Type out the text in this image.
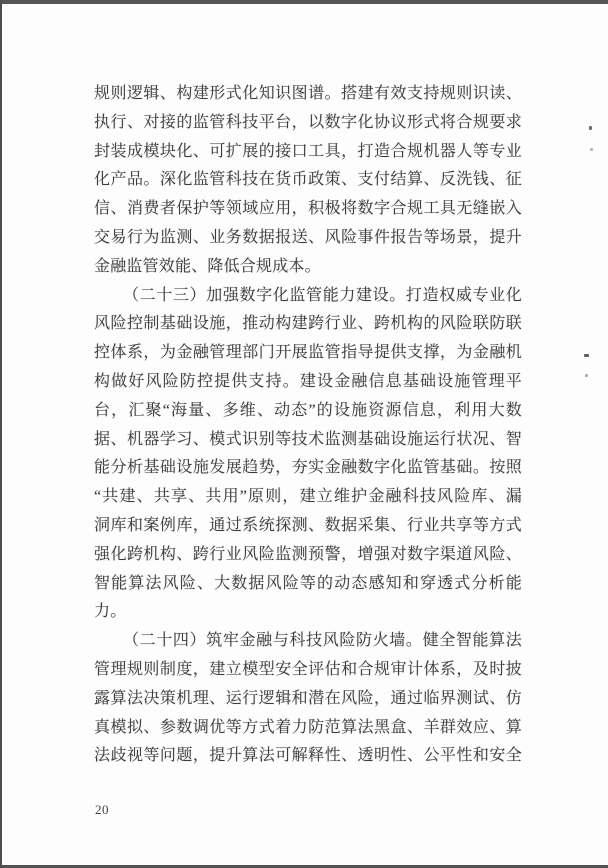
规则逻辑、构建形式化知识图谱。搭建有效支持规则识读、
执行、对接的监管科技平台，以数字化协议形式将合规要求
封装成模块化、可扩展的接口工具，打造合规机器人等专业
化产品。深化监管科技在货币政策、支付结算、反洗钱、征
信、消费者保护等领域应用，积极将数字合规工具无缝嵌入
交易行为监测、业务数据报送、风险事件报告等场景，提升
金融监管效能、降低合规成本。
（二十三）加强数字化监管能力建设。打造权威专业化
风险控制基础设施，推动构建跨行业、跨机构的风险联防联
控体系，为金融管理部门开展监管指导提供支撑，为金融机
构做好风险防控提供支持。建设金融信息基础设施管理平
台，汇聚“海量、多维、动态”的设施资源信息，利用大数
据、机器学习、模式识别等技术监测基础设施运行状况、智
能分析基础设施发展趋势，夯实金融数字化监管基础。按照
“共建、共享、共用”原则，建立维护金融科技风险库、漏
洞库和案例库，通过系统探测、数据采集、行业共享等方式
强化跨机构、跨行业风险监测预警，增强对数字渠道风险、
智能算法风险、大数据风险等的动态感知和穿透式分析能
力。
（二十四）筑牢金融与科技风险防火墙。健全智能算法
管理规则制度，建立模型安全评估和合规审计体系，及时披
露算法决策机理、运行逻辑和潜在风险，通过临界测试、仿
真模拟、参数调优等方式着力防范算法黑盒、羊群效应、算
法歧视等问题，提升算法可解释性、透明性、公平性和安全
20
